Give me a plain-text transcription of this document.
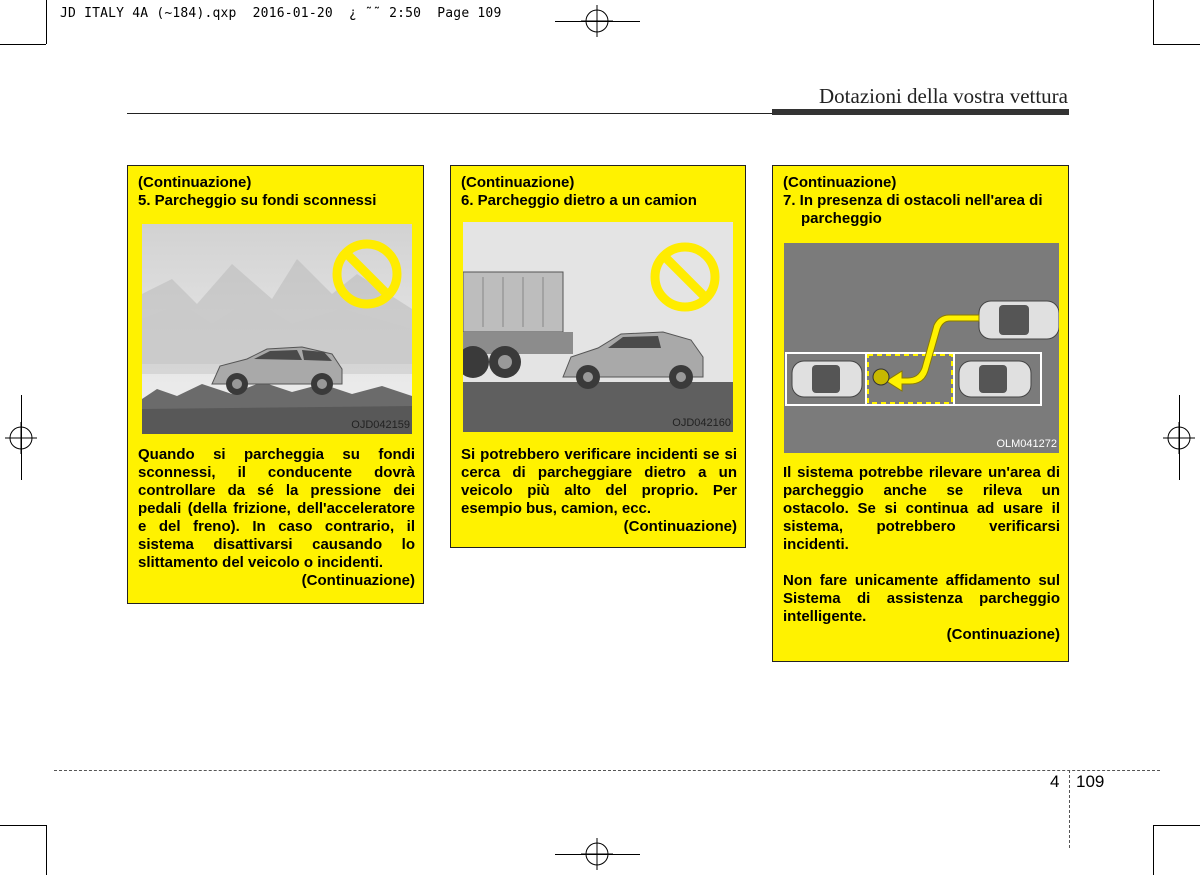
JD ITALY 4A (~184).qxp  2016-01-20  ¿ ˜˜ 2:50  Page 109
Dotazioni della vostra vettura
(Continuazione)
5. Parcheggio su fondi sconnessi
OJD042159
Quando si parcheggia su fondi sconnessi, il conducente dovrà controllare da sé la pressione dei pedali (della frizione, dell'acceleratore e del freno). In caso contrario, il sistema disattivarsi causando lo slittamento del veicolo o incidenti.
(Continuazione)
(Continuazione)
6. Parcheggio dietro a un camion
OJD042160
Si potrebbero verificare incidenti se si cerca di parcheggiare dietro a un veicolo più alto del proprio. Per esempio bus, camion, ecc.
(Continuazione)
(Continuazione)
7. In presenza di ostacoli nell'area di parcheggio
OLM041272
Il sistema potrebbe rilevare un'area di parcheggio anche se rileva un ostacolo. Se si continua ad usare il sistema, potrebbero verificarsi incidenti.
Non fare unicamente affidamento sul Sistema di assistenza parcheggio intelligente.
(Continuazione)
4 109
